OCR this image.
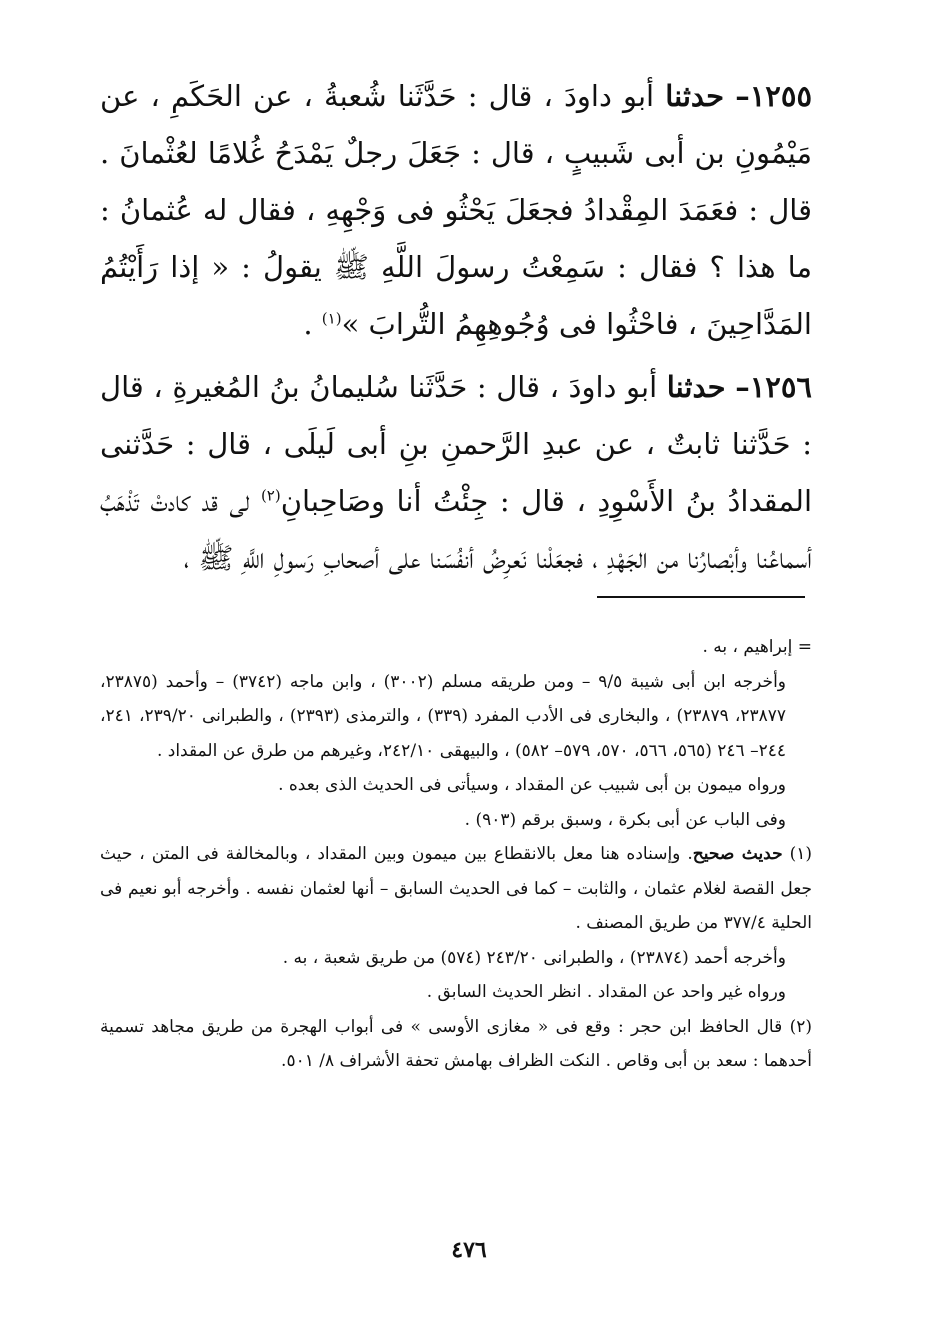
١٢٥٥– حدثنا أبو داودَ ، قال : حَدَّثَنا شُعبةُ ، عن الحَكَمِ ، عن مَيْمُونِ بن أبى شَبيبٍ ، قال : جَعَلَ رجلٌ يَمْدَحُ غُلامًا لعُثْمانَ . قال : فعَمَدَ المِقْدادُ فجعَلَ يَحْثُو فى وَجْهِهِ ، فقال له عُثمانُ : ما هذا ؟ فقال : سَمِعْتُ رسولَ اللَّهِ ﷺ يقولُ : « إذا رَأَيْتُمُ المَدَّاحِينَ ، فاحْثُوا فى وُجُوهِهِمُ التُّرابَ »$^{(١)}$ .

١٢٥٦– حدثنا أبو داودَ ، قال : حَدَّثَنا سُليمانُ بنُ المُغيرةِ ، قال : حَدَّثنا ثابتٌ ، عن عبدِ الرَّحمنِ بنِ أبى لَيلَى ، قال : حَدَّثنى المقدادُ بنُ الأَسْوِدِ ، قال : جِئْتُ أنا وصَاحِبانِ$^{(٢)}$ لى قد كادتْ تَذْهَبُ أسماعُنا وأبْصارُنا من الجَهْدِ ، فجعَلْنا نَعرِضُ أنفُسَنا على أصحابِ رَسولِ اللَّهِ ﷺ ،

= إبراهيم ، به .

وأخرجه ابن أبى شيبة ٩/٥ – ومن طريقه مسلم (٣٠٠٢) ، وابن ماجه (٣٧٤٢) – وأحمد (٢٣٨٧٥، ٢٣٨٧٧، ٢٣٨٧٩) ، والبخارى فى الأدب المفرد (٣٣٩) ، والترمذى (٢٣٩٣) ، والطبرانى ٢٣٩/٢٠، ٢٤١، ٢٤٤– ٢٤٦ (٥٦٥، ٥٦٦، ٥٧٠، ٥٧٩– ٥٨٢) ، والبيهقى ٢٤٢/١٠، وغيرهم من طرق عن المقداد .

ورواه ميمون بن أبى شبيب عن المقداد ، وسيأتى فى الحديث الذى بعده .

وفى الباب عن أبى بكرة ، وسبق برقم (٩٠٣) .

(١) حديث صحيح. وإسناده هنا معل بالانقطاع بين ميمون وبين المقداد ، وبالمخالفة فى المتن ، حيث جعل القصة لغلام عثمان ، والثابت – كما فى الحديث السابق – أنها لعثمان نفسه . وأخرجه أبو نعيم فى الحلية ٣٧٧/٤ من طريق المصنف .

وأخرجه أحمد (٢٣٨٧٤) ، والطبرانى ٢٤٣/٢٠ (٥٧٤) من طريق شعبة ، به .

ورواه غير واحد عن المقداد . انظر الحديث السابق .

(٢) قال الحافظ ابن حجر : وقع فى « مغازى الأوسى » فى أبواب الهجرة من طريق مجاهد تسمية أحدهما : سعد بن أبى وقاص . النكت الظراف بهامش تحفة الأشراف ٨/ ٥٠١.

٤٧٦
